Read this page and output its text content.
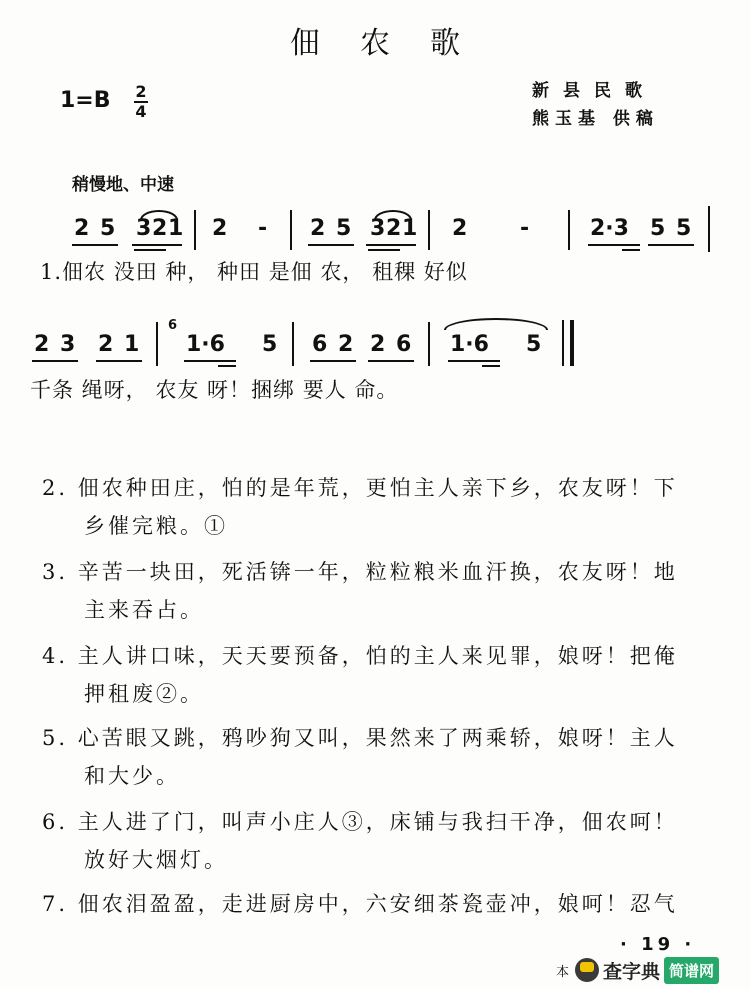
佃农歌
新县民歌
熊玉基 供稿
1=B 2
4
稍慢地、中速
2 5 3 2 1 2 - 2 5 3 2 1 2 -	2·3 5 5
1.佃农 没田 种， 种田 是佃 农， 租稞 好似
2 3 2 1
6
1·6 5 6 2 2 6 1·6 5
千条 绳呀， 农友 呀！捆绑 要人 命。
2. 佃农种田庄，怕的是年荒，更怕主人亲下乡，农友呀！下
乡催完粮。①
3. 辛苦一块田，死活锛一年，粒粒粮米血汗换，农友呀！地
主来吞占。
4. 主人讲口味，天天要预备，怕的主人来见罪，娘呀！把俺
押租废②。
5. 心苦眼又跳，鸦吵狗又叫，果然来了两乘轿，娘呀！主人
和大少。
6. 主人进了门，叫声小庄人③，床铺与我扫干净，佃农呵！
放好大烟灯。
7. 佃农泪盈盈，走进厨房中，六安细茶瓷壶冲，娘呵！忍气
· 19 ·
本 查字典 简谱网
